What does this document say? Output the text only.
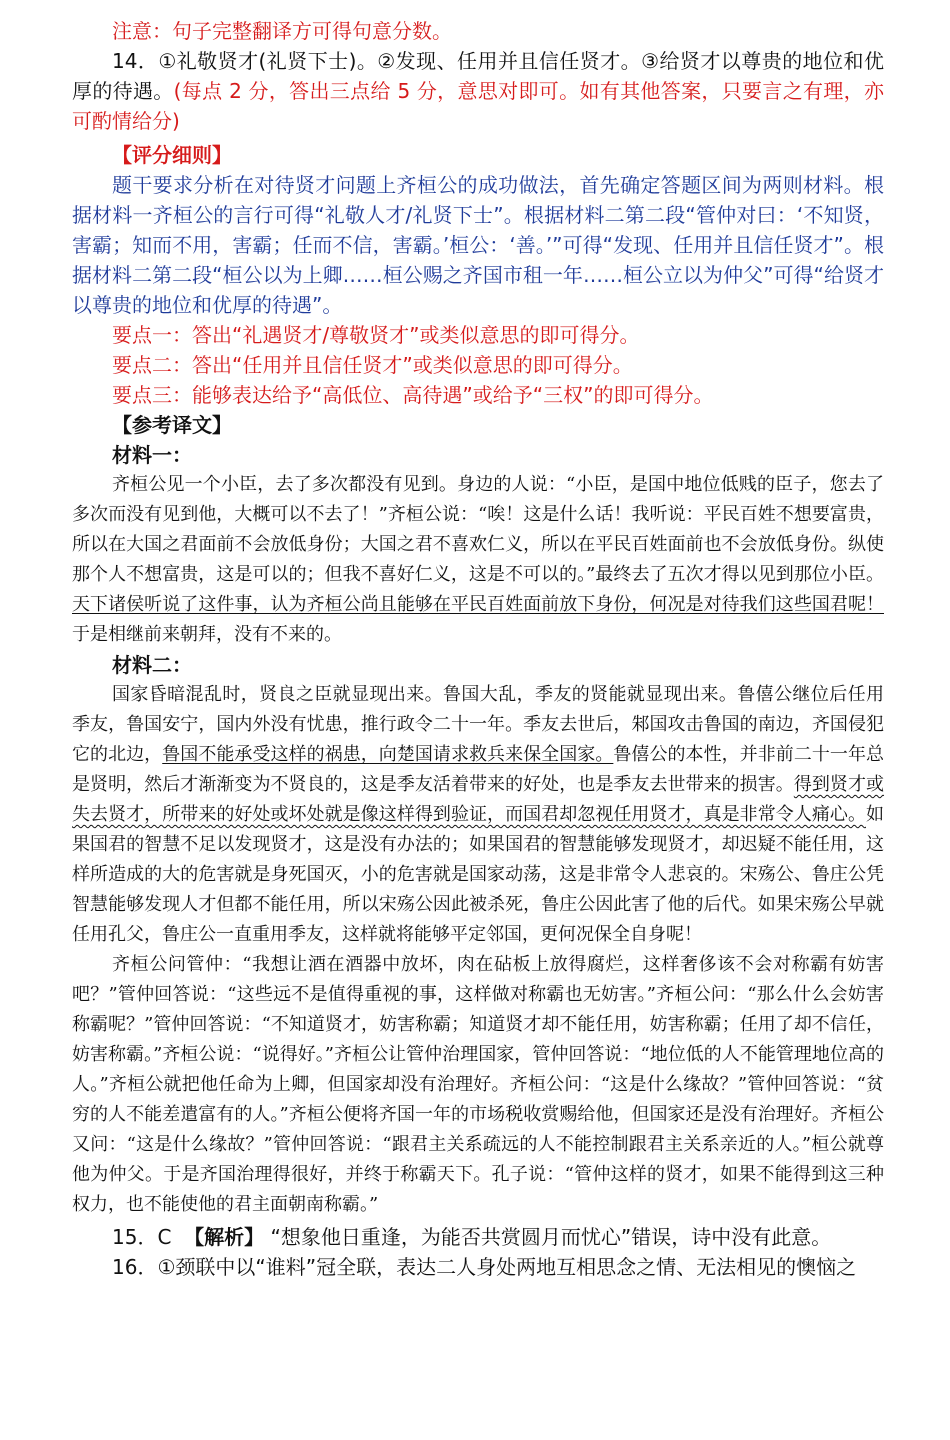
注意：句子完整翻译方可得句意分数。

14．①礼敬贤才(礼贤下士)。②发现、任用并且信任贤才。③给贤才以尊贵的地位和优厚的待遇。(每点 2 分，答出三点给 5 分，意思对即可。如有其他答案，只要言之有理，亦可酌情给分)

【评分细则】

题干要求分析在对待贤才问题上齐桓公的成功做法，首先确定答题区间为两则材料。根据材料一齐桓公的言行可得“礼敬人才/礼贤下士”。根据材料二第二段“管仲对曰：‘不知贤，害霸；知而不用，害霸；任而不信，害霸。’桓公：‘善。’”可得“发现、任用并且信任贤才”。根据材料二第二段“桓公以为上卿……桓公赐之齐国市租一年……桓公立以为仲父”可得“给贤才以尊贵的地位和优厚的待遇”。

要点一：答出“礼遇贤才/尊敬贤才”或类似意思的即可得分。

要点二：答出“任用并且信任贤才”或类似意思的即可得分。

要点三：能够表达给予“高低位、高待遇”或给予“三权”的即可得分。

【参考译文】

材料一：

齐桓公见一个小臣，去了多次都没有见到。身边的人说：“小臣，是国中地位低贱的臣子，您去了多次而没有见到他，大概可以不去了！”齐桓公说：“唉！这是什么话！我听说：平民百姓不想要富贵，所以在大国之君面前不会放低身份；大国之君不喜欢仁义，所以在平民百姓面前也不会放低身份。纵使那个人不想富贵，这是可以的；但我不喜好仁义，这是不可以的。”最终去了五次才得以见到那位小臣。天下诸侯听说了这件事，认为齐桓公尚且能够在平民百姓面前放下身份，何况是对待我们这些国君呢！于是相继前来朝拜，没有不来的。

材料二：

国家昏暗混乱时，贤良之臣就显现出来。鲁国大乱，季友的贤能就显现出来。鲁僖公继位后任用季友，鲁国安宁，国内外没有忧患，推行政令二十一年。季友去世后，邾国攻击鲁国的南边，齐国侵犯它的北边，鲁国不能承受这样的祸患，向楚国请求救兵来保全国家。鲁僖公的本性，并非前二十一年总是贤明，然后才渐渐变为不贤良的，这是季友活着带来的好处，也是季友去世带来的损害。得到贤才或失去贤才，所带来的好处或坏处就是像这样得到验证，而国君却忽视任用贤才，真是非常令人痛心。如果国君的智慧不足以发现贤才，这是没有办法的；如果国君的智慧能够发现贤才，却迟疑不能任用，这样所造成的大的危害就是身死国灭，小的危害就是国家动荡，这是非常令人悲哀的。宋殇公、鲁庄公凭智慧能够发现人才但都不能任用，所以宋殇公因此被杀死，鲁庄公因此害了他的后代。如果宋殇公早就任用孔父，鲁庄公一直重用季友，这样就将能够平定邻国，更何况保全自身呢！

齐桓公问管仲：“我想让酒在酒器中放坏，肉在砧板上放得腐烂，这样奢侈该不会对称霸有妨害吧？”管仲回答说：“这些远不是值得重视的事，这样做对称霸也无妨害。”齐桓公问：“那么什么会妨害称霸呢？”管仲回答说：“不知道贤才，妨害称霸；知道贤才却不能任用，妨害称霸；任用了却不信任，妨害称霸。”齐桓公说：“说得好。”齐桓公让管仲治理国家，管仲回答说：“地位低的人不能管理地位高的人。”齐桓公就把他任命为上卿，但国家却没有治理好。齐桓公问：“这是什么缘故？”管仲回答说：“贫穷的人不能差遣富有的人。”齐桓公便将齐国一年的市场税收赏赐给他，但国家还是没有治理好。齐桓公又问：“这是什么缘故？”管仲回答说：“跟君主关系疏远的人不能控制跟君主关系亲近的人。”桓公就尊他为仲父。于是齐国治理得很好，并终于称霸天下。孔子说：“管仲这样的贤才，如果不能得到这三种权力，也不能使他的君主面朝南称霸。”

15．C 【解析】 “想象他日重逢，为能否共赏圆月而忧心”错误，诗中没有此意。

16．①颈联中以“谁料”冠全联，表达二人身处两地互相思念之情、无法相见的懊恼之
